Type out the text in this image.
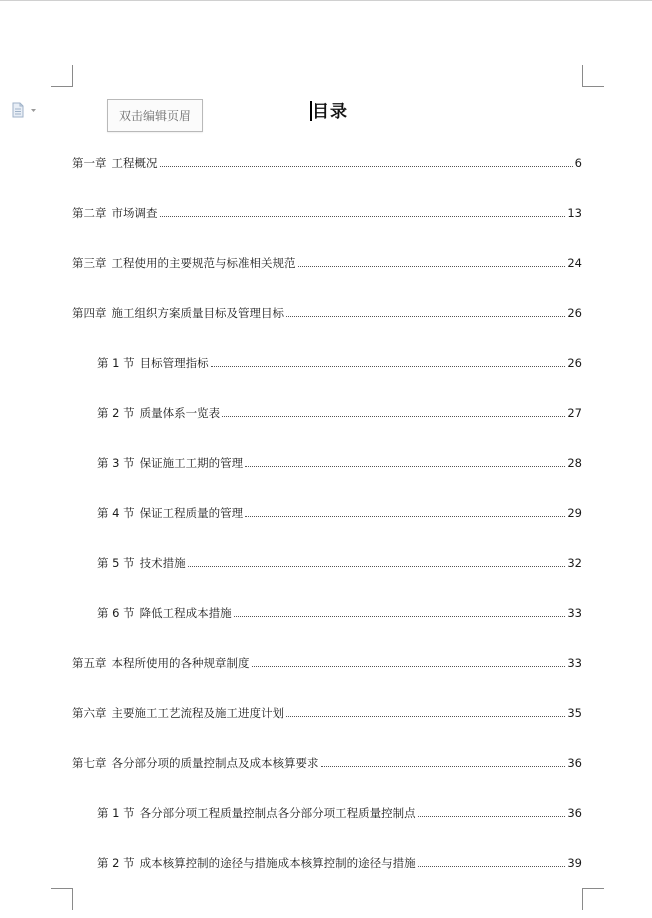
双击编辑页眉	目录
第一章 工程概况	6
第二章 市场调查	13
第三章 工程使用的主要规范与标准相关规范	24
第四章 施工组织方案质量目标及管理目标	26
第 1 节 目标管理指标	26
第 2 节 质量体系一览表	27
第 3 节 保证施工工期的管理	28
第 4 节 保证工程质量的管理	29
第 5 节 技术措施	32
第 6 节 降低工程成本措施	33
第五章 本程所使用的各种规章制度	33
第六章 主要施工工艺流程及施工进度计划	35
第七章 各分部分项的质量控制点及成本核算要求	36
第 1 节 各分部分项工程质量控制点各分部分项工程质量控制点	36
第 2 节 成本核算控制的途径与措施成本核算控制的途径与措施	39
